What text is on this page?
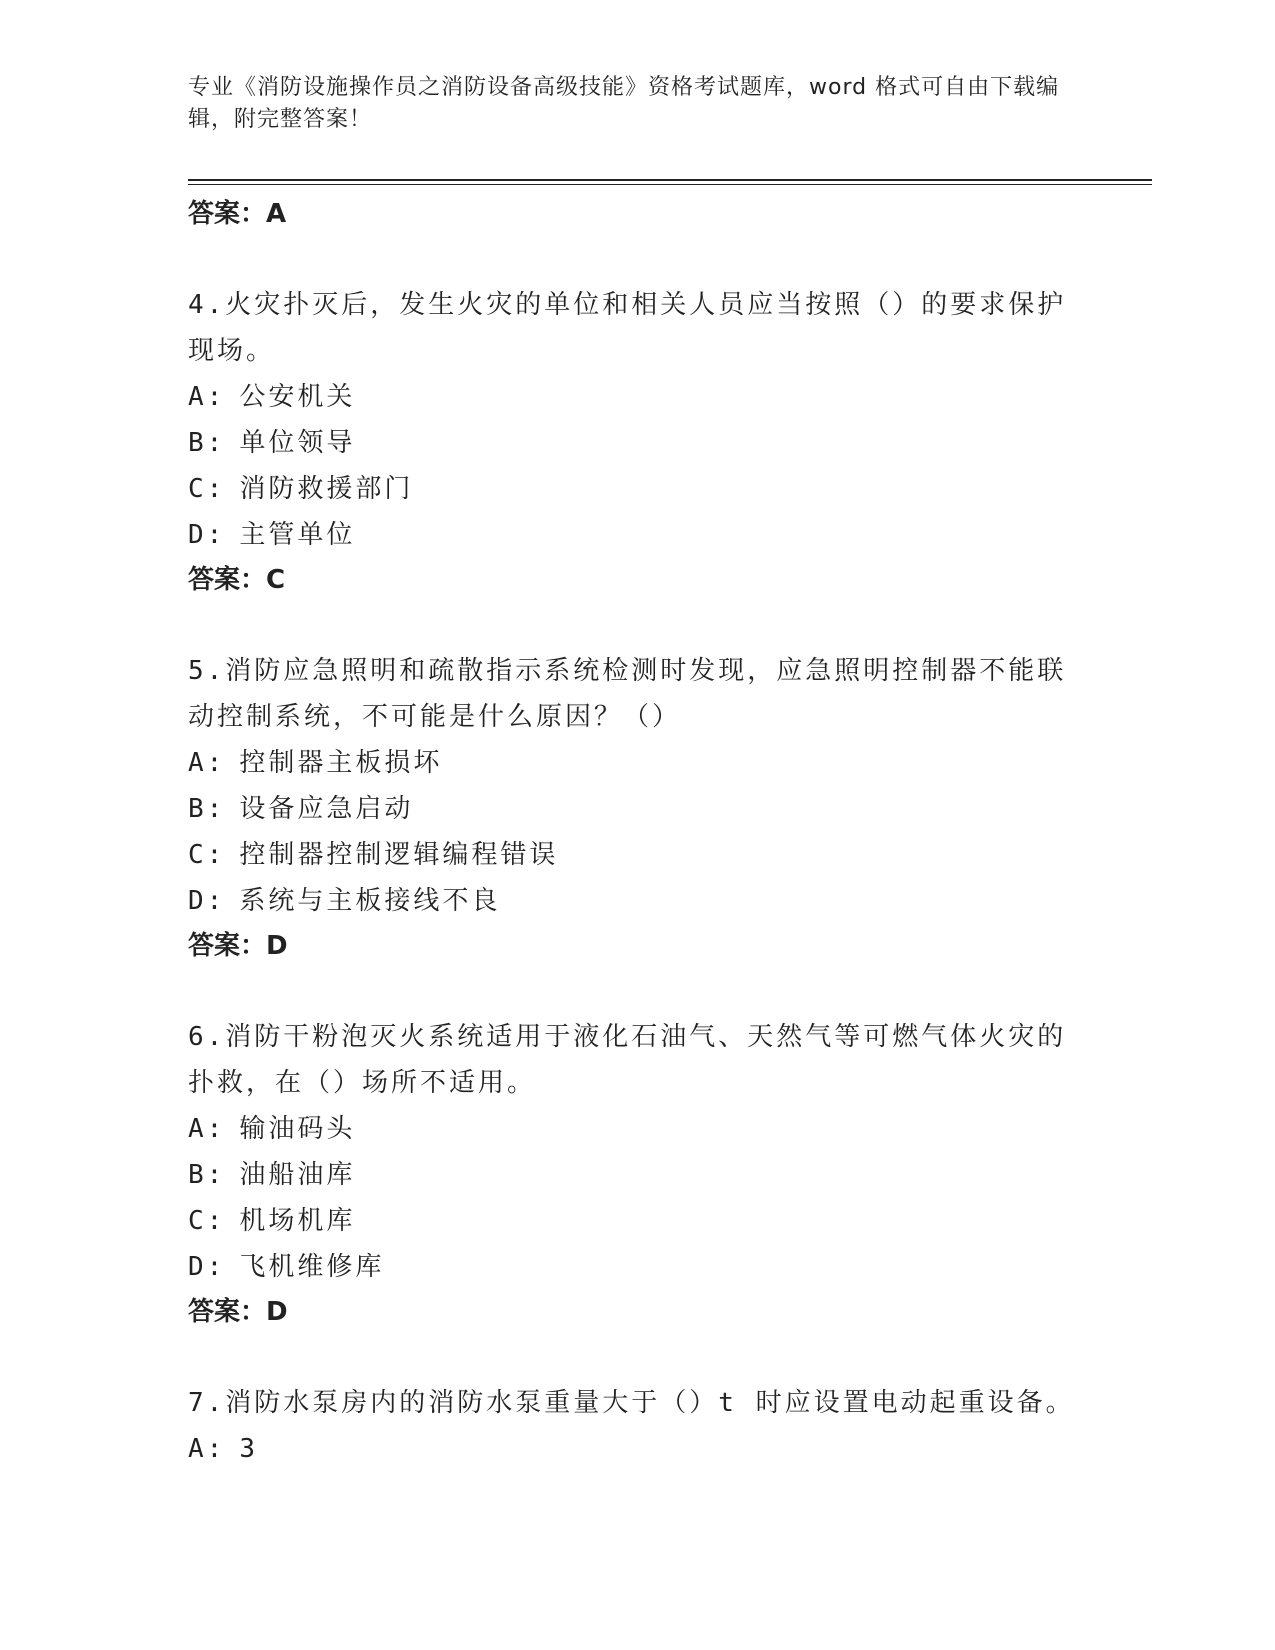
专业《消防设施操作员之消防设备高级技能》资格考试题库，word 格式可自由下载编辑，附完整答案！
答案：A
4.火灾扑灭后，发生火灾的单位和相关人员应当按照（）的要求保护现场。
A: 公安机关
B: 单位领导
C: 消防救援部门
D: 主管单位
答案：C
5.消防应急照明和疏散指示系统检测时发现，应急照明控制器不能联动控制系统，不可能是什么原因？（）
A: 控制器主板损坏
B: 设备应急启动
C: 控制器控制逻辑编程错误
D: 系统与主板接线不良
答案：D
6.消防干粉泡灭火系统适用于液化石油气、天然气等可燃气体火灾的扑救，在（）场所不适用。
A: 输油码头
B: 油船油库
C: 机场机库
D: 飞机维修库
答案：D
7.消防水泵房内的消防水泵重量大于（）t 时应设置电动起重设备。
A: 3
